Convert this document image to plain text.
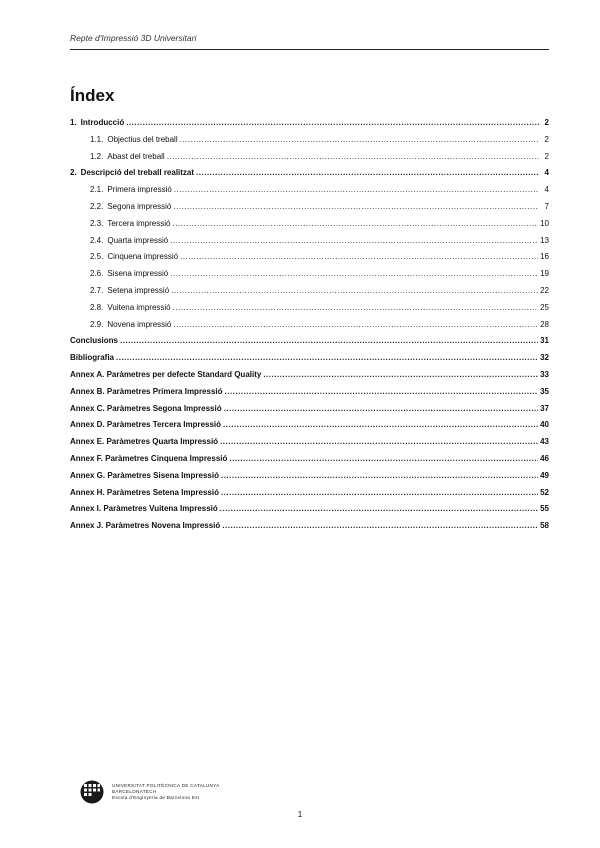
Repte d'Impressió 3D Universitari
Índex
1. Introducció .....	2
1.1. Objectius del treball .....	2
1.2. Abast del treball .....	2
2. Descripció del treball realitzat .....	4
2.1. Primera impressió .....	4
2.2. Segona impressió .....	7
2.3. Tercera impressió .....	10
2.4. Quarta impressió .....	13
2.5. Cinquena impressió .....	16
2.6. Sisena impressió .....	19
2.7. Setena impressió .....	22
2.8. Vuitena impressió .....	25
2.9. Novena impressió .....	28
Conclusions .....	31
Bibliografia .....	32
Annex A. Paràmetres per defecte Standard Quality .....	33
Annex B. Paràmetres Primera Impressió .....	35
Annex C. Paràmetres Segona Impressió .....	37
Annex D. Paràmetres Tercera Impressió .....	40
Annex E. Paràmetres Quarta Impressió .....	43
Annex F. Paràmetres Cinquena Impressió .....	46
Annex G. Paràmetres Sisena Impressió .....	49
Annex H. Paràmetres Setena Impressió .....	52
Annex I. Paràmetres Vuitena Impressió .....	55
Annex J. Paràmetres Novena Impressió .....	58
UNIVERSITAT POLITÈCNICA DE CATALUNYA
BARCELONATECH
Escola d'Enginyeria de Barcelona Est
1
